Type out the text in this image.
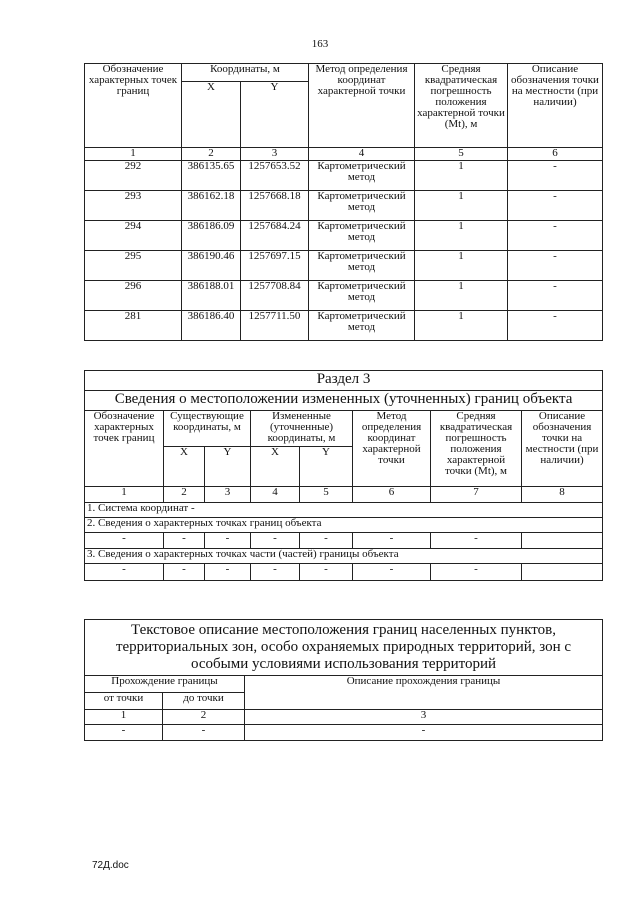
163
Обозначение характерных точек границ	Координаты, м		Метод определения координат характерной точки	Средняя квадратическая погрешность положения характерной точки (Mt), м	Описание обозначения точки на местности (при наличии)
	X	Y			
1	2	3	4	5	6
292	386135.65	1257653.52	Картометрический метод	1	-
293	386162.18	1257668.18	Картометрический метод	1	-
294	386186.09	1257684.24	Картометрический метод	1	-
295	386190.46	1257697.15	Картометрический метод	1	-
296	386188.01	1257708.84	Картометрический метод	1	-
281	386186.40	1257711.50	Картометрический метод	1	-
Раздел 3							
Сведения о местоположении измененных (уточненных) границ объекта							
Обозначение характерных точек границ	Существующие координаты, м		Измененные (уточненные) координаты, м		Метод определения координат характерной точки	Средняя квадратическая погрешность положения характерной точки (Mt), м	Описание обозначения точки на местности (при наличии)
	X	Y	X	Y			
1	2	3	4	5	6	7	8
1. Система координат -							
2. Сведения о характерных точках границ объекта							
-	-	-	-	-	-	-	
3. Сведения о характерных точках части (частей) границы объекта							
-	-	-	-	-	-	-	
Текстовое описание местоположения границ населенных пунктов, территориальных зон, особо охраняемых природных территорий, зон с особыми условиями использования территорий		
Прохождение границы		Описание прохождения границы
от точки	до точки	
1	2	3
-	-	-
72Д.doc
